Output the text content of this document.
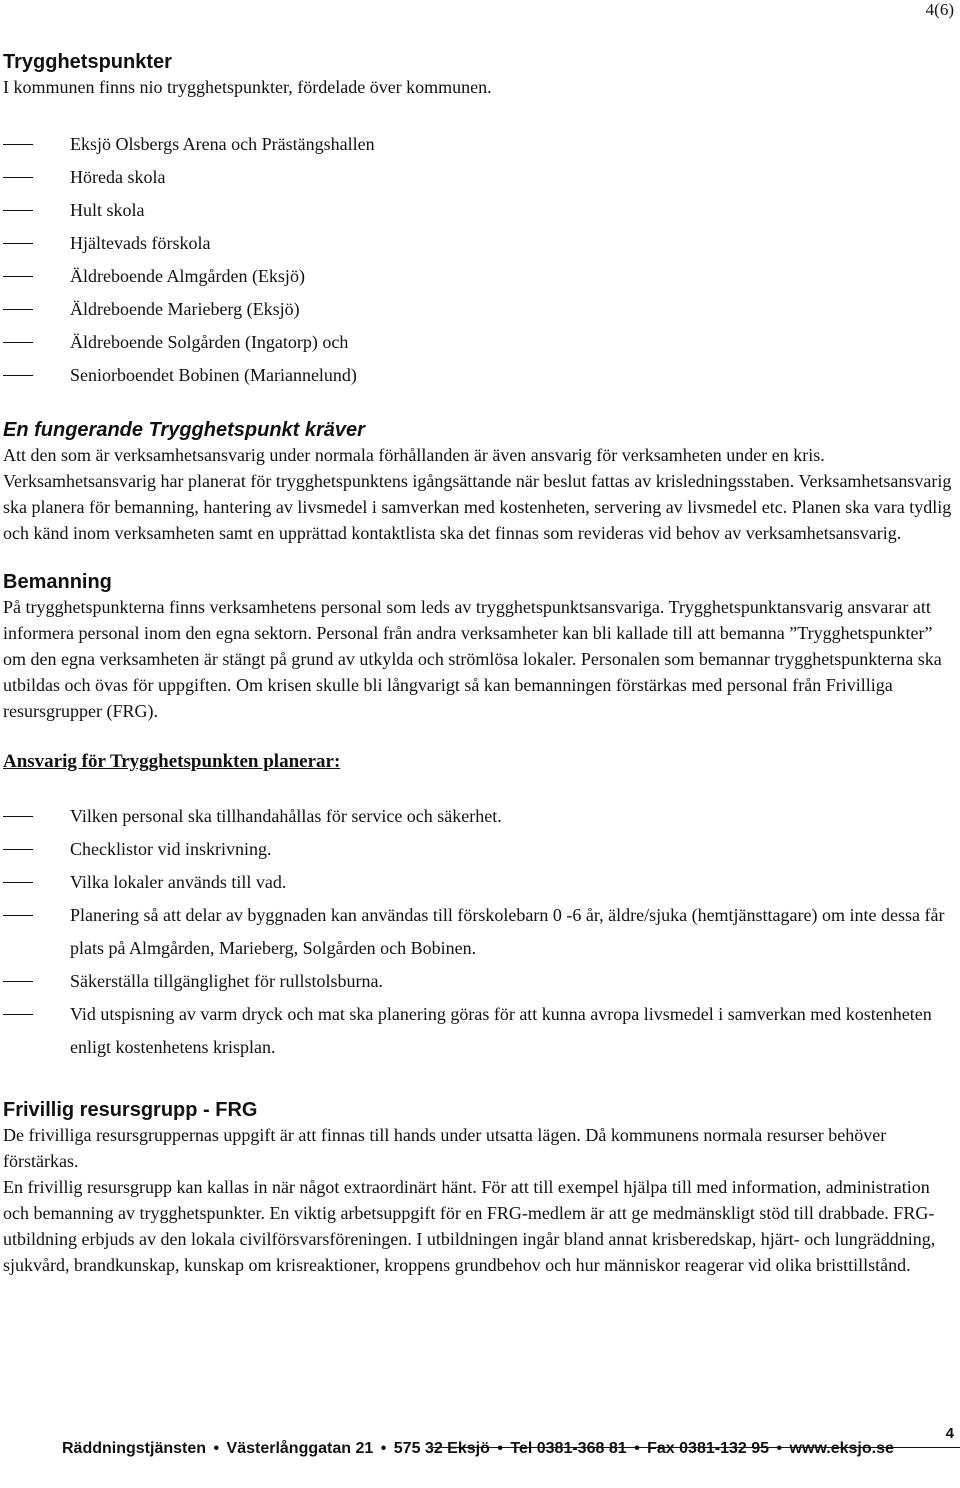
4(6)
Trygghetspunkter

I kommunen finns nio trygghetspunkter, fördelade över kommunen.

Eksjö Olsbergs Arena och Prästängshallen
Höreda skola
Hult skola
Hjältevads förskola
Äldreboende Almgården (Eksjö)
Äldreboende Marieberg (Eksjö)
Äldreboende Solgården (Ingatorp) och
Seniorboendet Bobinen (Mariannelund)
En fungerande Trygghetspunkt kräver

Att den som är verksamhetsansvarig under normala förhållanden är även ansvarig för verksamheten under en kris. Verksamhetsansvarig har planerat för trygghetspunktens igångsättande när beslut fattas av krisledningsstaben. Verksamhetsansvarig ska planera för bemanning, hantering av livsmedel i samverkan med kostenheten, servering av livsmedel etc. Planen ska vara tydlig och känd inom verksamheten samt en upprättad kontaktlista ska det finnas som revideras vid behov av verksamhetsansvarig.

Bemanning

På trygghetspunkterna finns verksamhetens personal som leds av trygghetspunktsansvariga. Trygghetspunktansvarig ansvarar att informera personal inom den egna sektorn. Personal från andra verksamheter kan bli kallade till att bemanna ”Trygghetspunkter” om den egna verksamheten är stängt på grund av utkylda och strömlösa lokaler. Personalen som bemannar trygghetspunkterna ska utbildas och övas för uppgiften. Om krisen skulle bli långvarigt så kan bemanningen förstärkas med personal från Frivilliga resursgrupper (FRG).

Ansvarig för Trygghetspunkten planerar:
Vilken personal ska tillhandahållas för service och säkerhet.
Checklistor vid inskrivning.
Vilka lokaler används till vad.
Planering så att delar av byggnaden kan användas till förskolebarn 0 -6 år, äldre/sjuka (hemtjänsttagare) om inte dessa får plats på Almgården, Marieberg, Solgården och Bobinen.
Säkerställa tillgänglighet för rullstolsburna.
Vid utspisning av varm dryck och mat ska planering göras för att kunna avropa livsmedel i samverkan med kostenheten enligt kostenhetens krisplan.
Frivillig resursgrupp - FRG

De frivilliga resursgruppernas uppgift är att finnas till hands under utsatta lägen. Då kommunens normala resurser behöver förstärkas.

En frivillig resursgrupp kan kallas in när något extraordinärt hänt. För att till exempel hjälpa till med information, administration och bemanning av trygghetspunkter. En viktig arbetsuppgift för en FRG-medlem är att ge medmänskligt stöd till drabbade. FRG-utbildning erbjuds av den lokala civilförsvarsföreningen. I utbildningen ingår bland annat krisberedskap, hjärt- och lungräddning, sjukvård, brandkunskap, kunskap om krisreaktioner, kroppens grundbehov och hur människor reagerar vid olika bristtillstånd.

4
Räddningstjänsten • Västerlånggatan 21 • 575 32 Eksjö • Tel 0381-368 81 • Fax 0381-132 95 • www.eksjo.se
